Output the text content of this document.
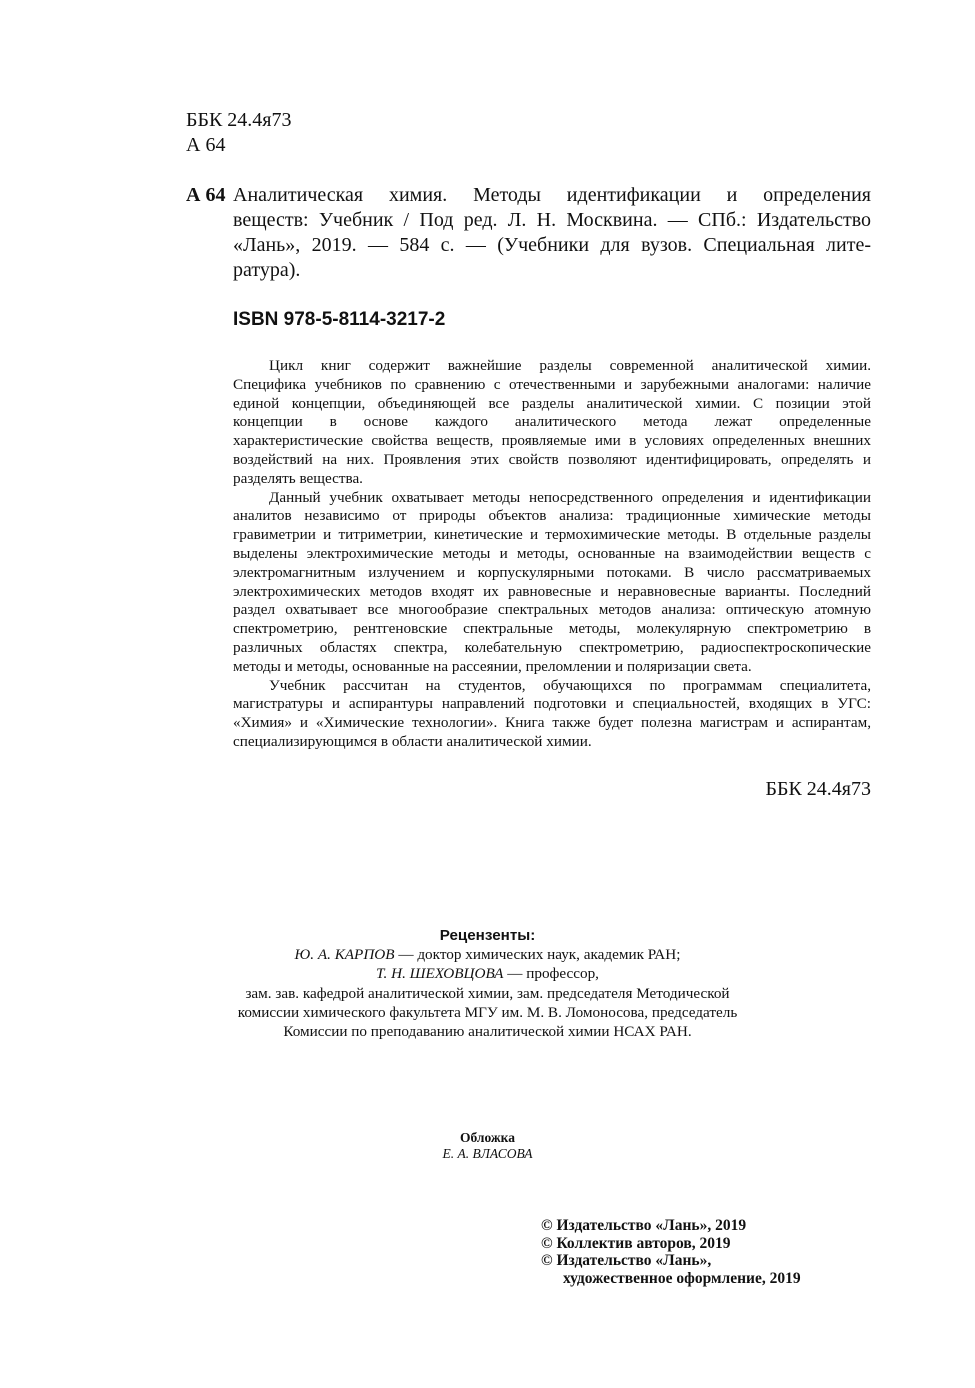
ББК 24.4я73
А 64
А 64 Аналитическая химия. Методы идентификации и определения
веществ: Учебник / Под ред. Л. Н. Москвина. — СПб.: Издательство
«Лань», 2019. — 584 с. — (Учебники для вузов. Специальная лите-
ратура).
ISBN 978-5-8114-3217-2
Цикл книг содержит важнейшие разделы современной аналитической химии.
Специфика учебников по сравнению с отечественными и зарубежными аналогами: наличие
единой концепции, объединяющей все разделы аналитической химии. С позиции этой
концепции в основе каждого аналитического метода лежат определенные
характеристические свойства веществ, проявляемые ими в условиях определенных внешних
воздействий на них. Проявления этих свойств позволяют идентифицировать, определять и
разделять вещества.
Данный учебник охватывает методы непосредственного определения и идентификации
аналитов независимо от природы объектов анализа: традиционные химические методы
гравиметрии и титриметрии, кинетические и термохимические методы. В отдельные разделы
выделены электрохимические методы и методы, основанные на взаимодействии веществ с
электромагнитным излучением и корпускулярными потоками. В число рассматриваемых
электрохимических методов входят их равновесные и неравновесные варианты. Последний
раздел охватывает все многообразие спектральных методов анализа: оптическую атомную
спектрометрию, рентгеновские спектральные методы, молекулярную спектрометрию в
различных областях спектра, колебательную спектрометрию, радиоспектроскопические
методы и методы, основанные на рассеянии, преломлении и поляризации света.
Учебник рассчитан на студентов, обучающихся по программам специалитета,
магистратуры и аспирантуры направлений подготовки и специальностей, входящих в УГС:
«Химия» и «Химические технологии». Книга также будет полезна магистрам и аспирантам,
специализирующимся в области аналитической химии.
ББК 24.4я73
Рецензенты:
Ю. А. КАРПОВ — доктор химических наук, академик РАН;
Т. Н. ШЕХОВЦОВА — профессор,
зам. зав. кафедрой аналитической химии, зам. председателя Методической
комиссии химического факультета МГУ им. М. В. Ломоносова, председатель
Комиссии по преподаванию аналитической химии НСАХ РАН.
Обложка
Е. А. ВЛАСОВА
© Издательство «Лань», 2019
© Коллектив авторов, 2019
© Издательство «Лань»,
художественное оформление, 2019
